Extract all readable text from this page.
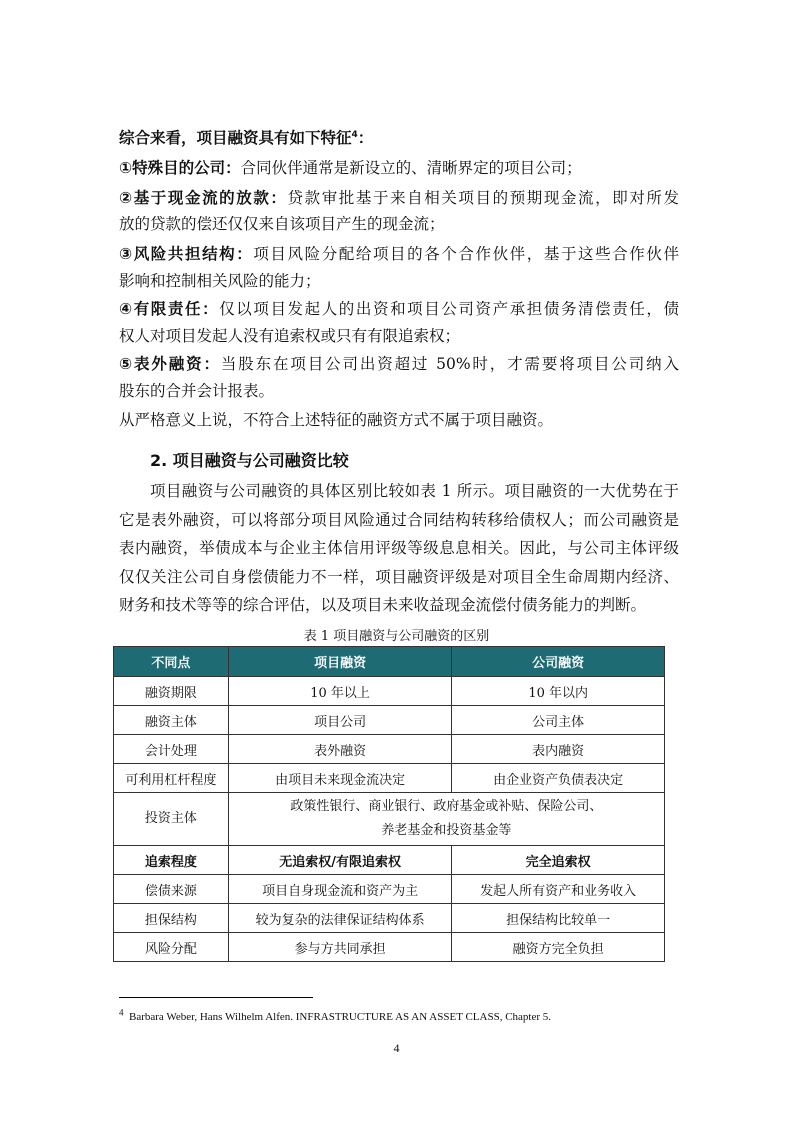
综合来看，项目融资具有如下特征$^4$：
①特殊目的公司：合同伙伴通常是新设立的、清晰界定的项目公司；
②基于现金流的放款：贷款审批基于来自相关项目的预期现金流，即对所发
放的贷款的偿还仅仅来自该项目产生的现金流；
③风险共担结构：项目风险分配给项目的各个合作伙伴，基于这些合作伙伴
影响和控制相关风险的能力；
④有限责任：仅以项目发起人的出资和项目公司资产承担债务清偿责任，债
权人对项目发起人没有追索权或只有有限追索权；
⑤表外融资：当股东在项目公司出资超过 50%时，才需要将项目公司纳入
股东的合并会计报表。
从严格意义上说，不符合上述特征的融资方式不属于项目融资。
2. 项目融资与公司融资比较
项目融资与公司融资的具体区别比较如表 1 所示。项目融资的一大优势在于
它是表外融资，可以将部分项目风险通过合同结构转移给债权人；而公司融资是
表内融资，举债成本与企业主体信用评级等级息息相关。因此，与公司主体评级
仅仅关注公司自身偿债能力不一样，项目融资评级是对项目全生命周期内经济、
财务和技术等等的综合评估，以及项目未来收益现金流偿付债务能力的判断。
表 1 项目融资与公司融资的区别
不同点	项目融资	公司融资
融资期限	10 年以上	10 年以内
融资主体	项目公司	公司主体
会计处理	表外融资	表内融资
可利用杠杆程度	由项目未来现金流决定	由企业资产负债表决定
投资主体	政策性银行、商业银行、政府基金或补贴、保险公司、
养老基金和投资基金等	

追索程度	无追索权/有限追索权	完全追索权
偿债来源	项目自身现金流和资产为主	发起人所有资产和业务收入
担保结构	较为复杂的法律保证结构体系	担保结构比较单一
风险分配	参与方共同承担	融资方完全负担
$^4$ Barbara Weber, Hans Wilhelm Alfen. INFRASTRUCTURE AS AN ASSET CLASS, Chapter 5.
4
